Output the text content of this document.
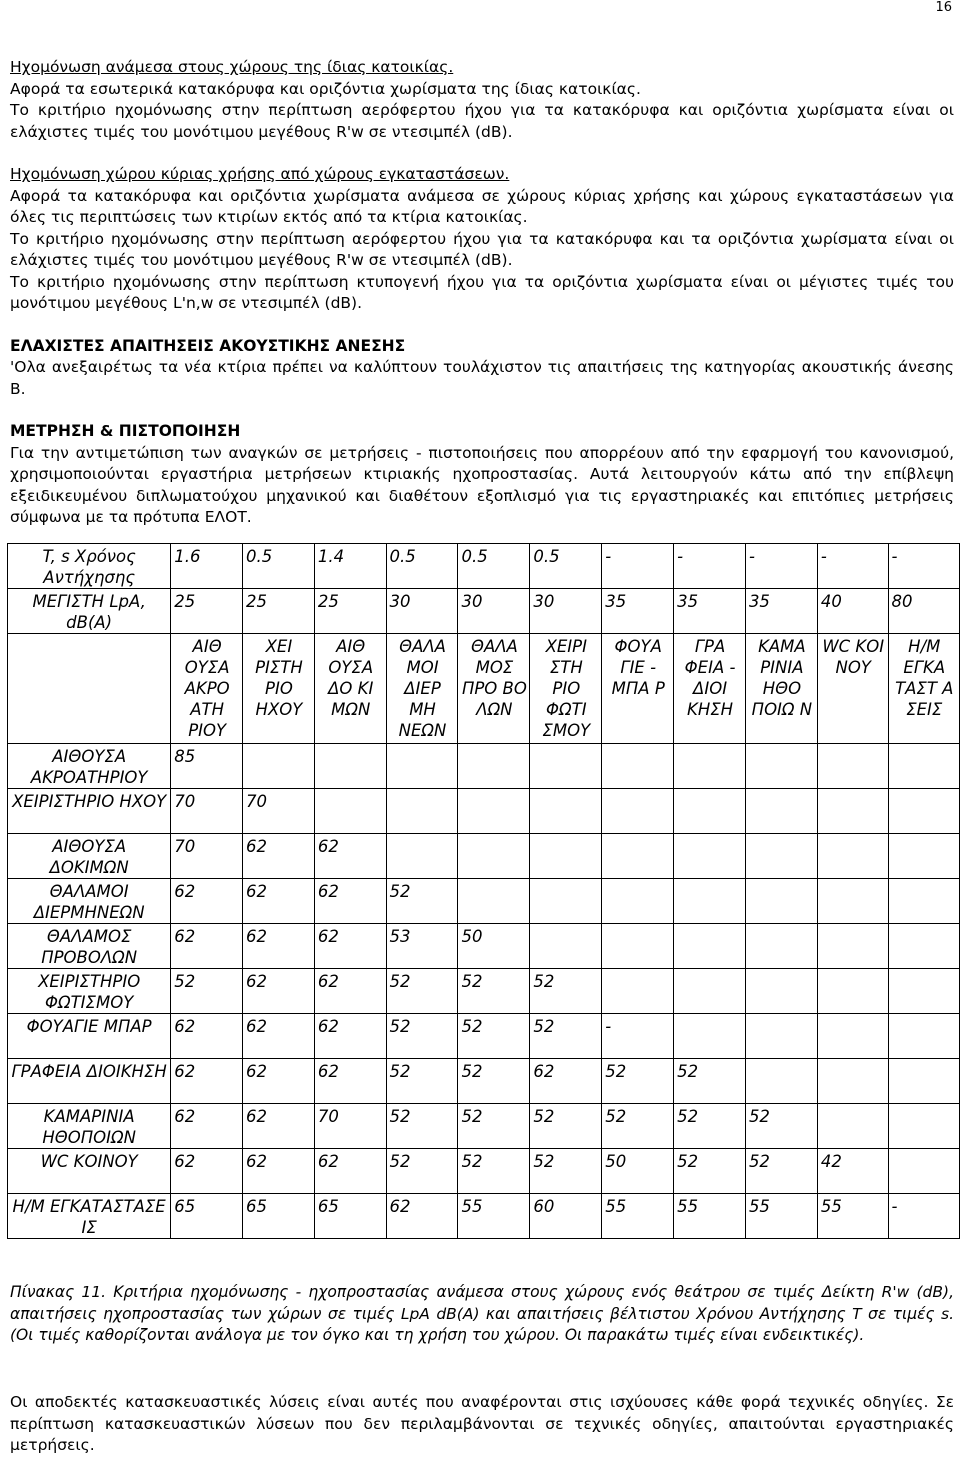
16

Ηχομόνωση ανάμεσα στους χώρους της ίδιας κατοικίας.

Αφορά τα εσωτερικά κατακόρυφα και οριζόντια χωρίσματα της ίδιας κατοικίας.

Το κριτήριο ηχομόνωσης στην περίπτωση αερόφερτου ήχου για τα κατακόρυφα και οριζόντια χωρίσματα είναι οι ελάχιστες τιμές του μονότιμου μεγέθους R'w σε ντεσιμπέλ (dB).

Ηχομόνωση χώρου κύριας χρήσης από χώρους εγκαταστάσεων.

Αφορά τα κατακόρυφα και οριζόντια χωρίσματα ανάμεσα σε χώρους κύριας χρήσης και χώρους εγκαταστάσεων για όλες τις περιπτώσεις των κτιρίων εκτός από τα κτίρια κατοικίας.

Το κριτήριο ηχομόνωσης στην περίπτωση αερόφερτου ήχου για τα κατακόρυφα και τα οριζόντια χωρίσματα είναι οι ελάχιστες τιμές του μονότιμου μεγέθους R'w σε ντεσιμπέλ (dB).

Το κριτήριο ηχομόνωσης στην περίπτωση κτυπογενή ήχου για τα οριζόντια χωρίσματα είναι οι μέγιστες τιμές του μονότιμου μεγέθους L'n,w σε ντεσιμπέλ (dB).

ΕΛΑΧΙΣΤΕΣ ΑΠΑΙΤΗΣΕΙΣ ΑΚΟΥΣΤΙΚΗΣ ΑΝΕΣΗΣ

'Ολα ανεξαιρέτως τα νέα κτίρια πρέπει να καλύπτουν τουλάχιστον τις απαιτήσεις της κατηγορίας ακουστικής άνεσης Β.

ΜΕΤΡΗΣΗ & ΠΙΣΤΟΠΟΙΗΣΗ

Για την αντιμετώπιση των αναγκών σε μετρήσεις - πιστοποιήσεις που απορρέουν από την εφαρμογή του κανονισμού, χρησιμοποιούνται εργαστήρια μετρήσεων κτιριακής ηχοπροστασίας. Αυτά λειτουργούν κάτω από την επίβλεψη εξειδικευμένου διπλωματούχου μηχανικού και διαθέτουν εξοπλισμό για τις εργαστηριακές και επιτόπιες μετρήσεις σύμφωνα με τα πρότυπα ΕΛΟΤ.

T, s Χρόνος Αντήχησης	1.6	0.5	1.4	0.5	0.5	0.5	-	-	-	-	-
ΜΕΓΙΣΤΗ LpA, dB(A)	25	25	25	30	30	30	35	35	35	40	80
	ΑΙΘ ΟΥΣΑ ΑΚΡΟ ΑΤΗ ΡΙΟΥ	ΧΕΙ ΡΙΣΤΗ ΡΙΟ ΗΧΟΥ	ΑΙΘ ΟΥΣΑ ΔΟ ΚΙ ΜΩΝ	ΘΑΛΑ ΜΟΙ ΔΙΕΡ ΜΗ ΝΕΩΝ	ΘΑΛΑ ΜΟΣ ΠΡΟ ΒΟ ΛΩΝ	ΧΕΙΡΙ ΣΤΗ ΡΙΟ ΦΩΤΙ ΣΜΟΥ	ΦΟΥΑ ΓΙΕ - ΜΠΑ Ρ	ΓΡΑ ΦΕΙΑ - ΔΙΟΙ ΚΗΣΗ	ΚΑΜΑ ΡΙΝΙΑ ΗΘΟ ΠΟΙΩ Ν	WC ΚΟΙ ΝΟΥ	Η/Μ ΕΓΚΑ ΤΑΣΤ Α ΣΕΙΣ
ΑΙΘΟΥΣΑ ΑΚΡΟΑΤΗΡΙΟΥ	85										
ΧΕΙΡΙΣΤΗΡΙΟ ΗΧΟΥ	70	70									
ΑΙΘΟΥΣΑ ΔΟΚΙΜΩΝ	70	62	62								
ΘΑΛΑΜΟΙ ΔΙΕΡΜΗΝΕΩΝ	62	62	62	52							
ΘΑΛΑΜΟΣ ΠΡΟΒΟΛΩΝ	62	62	62	53	50						
ΧΕΙΡΙΣΤΗΡΙΟ ΦΩΤΙΣΜΟΥ	52	62	62	52	52	52					
ΦΟΥΑΓΙΕ ΜΠΑΡ	62	62	62	52	52	52	-				
ΓΡΑΦΕΙΑ ΔΙΟΙΚΗΣΗ	62	62	62	52	52	62	52	52			
ΚΑΜΑΡΙΝΙΑ ΗΘΟΠΟΙΩΝ	62	62	70	52	52	52	52	52	52		
WC ΚΟΙΝΟΥ	62	62	62	52	52	52	50	52	52	42	
Η/Μ ΕΓΚΑΤΑΣΤΑΣΕ ΙΣ	65	65	65	62	55	60	55	55	55	55	-
Πίνακας 11. Κριτήρια ηχομόνωσης - ηχοπροστασίας ανάμεσα στους χώρους ενός θεάτρου σε τιμές Δείκτη R'w (dB), απαιτήσεις ηχοπροστασίας των χώρων σε τιμές LpA dB(A) και απαιτήσεις βέλτιστου Χρόνου Αντήχησης T σε τιμές s. (Οι τιμές καθορίζονται ανάλογα με τον όγκο και τη χρήση του χώρου. Οι παρακάτω τιμές είναι ενδεικτικές).
Οι αποδεκτές κατασκευαστικές λύσεις είναι αυτές που αναφέρονται στις ισχύουσες κάθε φορά τεχνικές οδηγίες. Σε περίπτωση κατασκευαστικών λύσεων που δεν περιλαμβάνονται σε τεχνικές οδηγίες, απαιτούνται εργαστηριακές μετρήσεις.
